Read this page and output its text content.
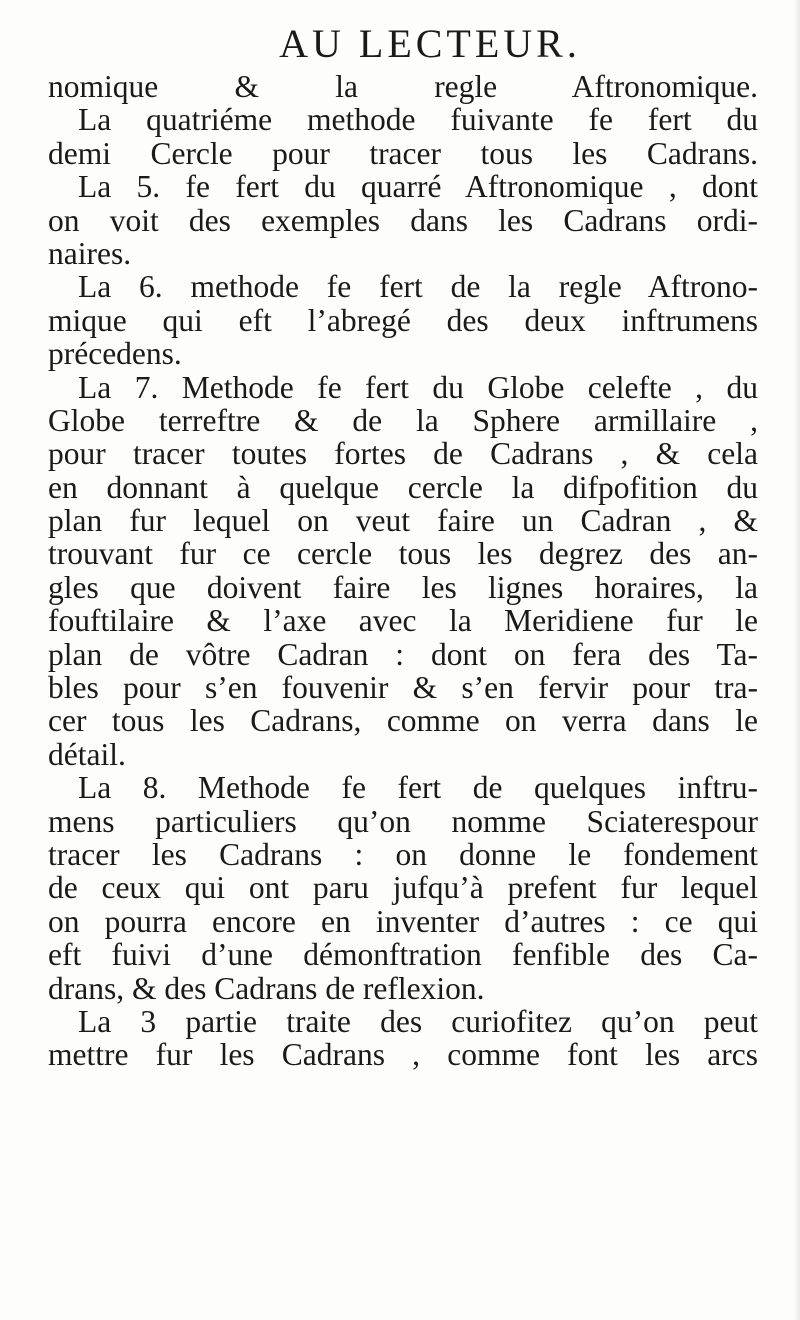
AU LECTEUR.
nomique & la regle Aftronomique.
La quatriéme methode fuivante fe fert du
demi Cercle pour tracer tous les Cadrans.
La 5. fe fert du quarré Aftronomique , dont
on voit des exemples dans les Cadrans ordi-
naires.
La 6. methode fe fert de la regle Aftrono-
mique qui eft l’abregé des deux inftrumens
précedens.
La 7. Methode fe fert du Globe celefte , du
Globe terreftre & de la Sphere armillaire ,
pour tracer toutes fortes de Cadrans , & cela
en donnant à quelque cercle la difpofition du
plan fur lequel on veut faire un Cadran , &
trouvant fur ce cercle tous les degrez des an-
gles que doivent faire les lignes horaires, la
fouftilaire & l’axe avec la Meridiene fur le
plan de vôtre Cadran : dont on fera des Ta-
bles pour s’en fouvenir & s’en fervir pour tra-
cer tous les Cadrans, comme on verra dans le
détail.
La 8. Methode fe fert de quelques inftru-
mens particuliers qu’on nomme Sciaterespour
tracer les Cadrans : on donne le fondement
de ceux qui ont paru jufqu’à prefent fur lequel
on pourra encore en inventer d’autres : ce qui
eft fuivi d’une démonftration fenfible des Ca-
drans, & des Cadrans de reflexion.
La 3 partie traite des curiofitez qu’on peut
mettre fur les Cadrans , comme font les arcs
